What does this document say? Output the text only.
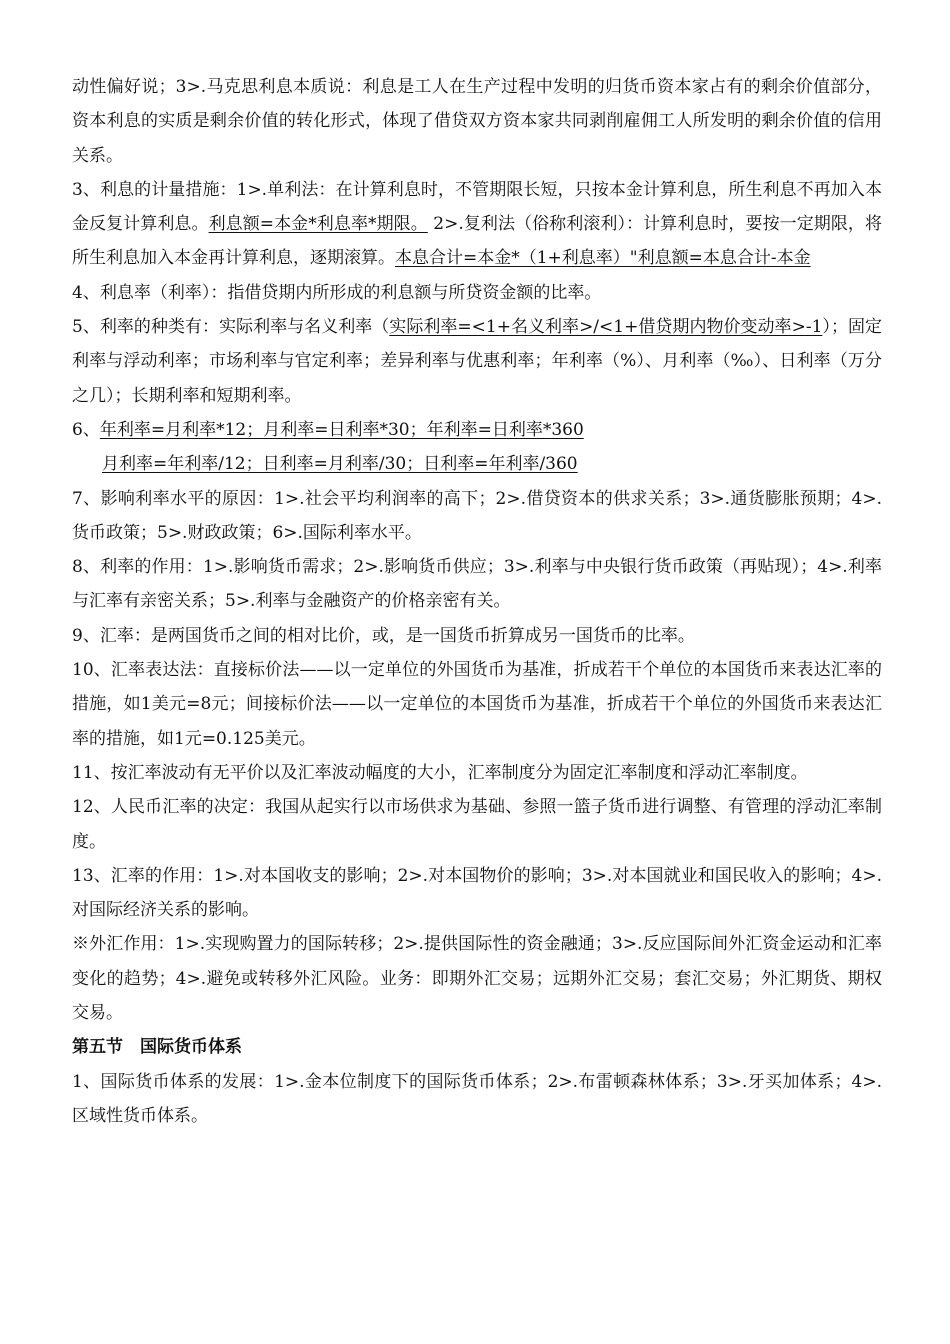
动性偏好说；3>.马克思利息本质说：利息是工人在生产过程中发明的归货币资本家占有的剩余价值部分，资本利息的实质是剩余价值的转化形式，体现了借贷双方资本家共同剥削雇佣工人所发明的剩余价值的信用关系。

3、利息的计量措施：1>.单利法：在计算利息时，不管期限长短，只按本金计算利息，所生利息不再加入本金反复计算利息。利息额=本金*利息率*期限。 2>.复利法（俗称利滚利）：计算利息时，要按一定期限，将所生利息加入本金再计算利息，逐期滚算。本息合计=本金*（1+利息率）"利息额=本息合计-本金

4、利息率（利率）：指借贷期内所形成的利息额与所贷资金额的比率。

5、利率的种类有：实际利率与名义利率（实际利率=<1+名义利率>/<1+借贷期内物价变动率>-1）；固定利率与浮动利率；市场利率与官定利率；差异利率与优惠利率；年利率（%）、月利率（‰）、日利率（万分之几）；长期利率和短期利率。

6、年利率=月利率*12；月利率=日利率*30；年利率=日利率*360

月利率=年利率/12；日利率=月利率/30；日利率=年利率/360

7、影响利率水平的原因：1>.社会平均利润率的高下；2>.借贷资本的供求关系；3>.通货膨胀预期；4>.货币政策；5>.财政政策；6>.国际利率水平。

8、利率的作用：1>.影响货币需求；2>.影响货币供应；3>.利率与中央银行货币政策（再贴现）；4>.利率与汇率有亲密关系；5>.利率与金融资产的价格亲密有关。

9、汇率：是两国货币之间的相对比价，或，是一国货币折算成另一国货币的比率。

10、汇率表达法：直接标价法——以一定单位的外国货币为基准，折成若干个单位的本国货币来表达汇率的措施，如1美元=8元；间接标价法——以一定单位的本国货币为基准，折成若干个单位的外国货币来表达汇率的措施，如1元=0.125美元。

11、按汇率波动有无平价以及汇率波动幅度的大小，汇率制度分为固定汇率制度和浮动汇率制度。

12、人民币汇率的决定：我国从起实行以市场供求为基础、参照一篮子货币进行调整、有管理的浮动汇率制度。

13、汇率的作用：1>.对本国收支的影响；2>.对本国物价的影响；3>.对本国就业和国民收入的影响；4>.对国际经济关系的影响。

※外汇作用：1>.实现购置力的国际转移；2>.提供国际性的资金融通；3>.反应国际间外汇资金运动和汇率变化的趋势；4>.避免或转移外汇风险。业务：即期外汇交易；远期外汇交易；套汇交易；外汇期货、期权交易。

第五节　国际货币体系

1、国际货币体系的发展：1>.金本位制度下的国际货币体系；2>.布雷顿森林体系；3>.牙买加体系；4>.区域性货币体系。
